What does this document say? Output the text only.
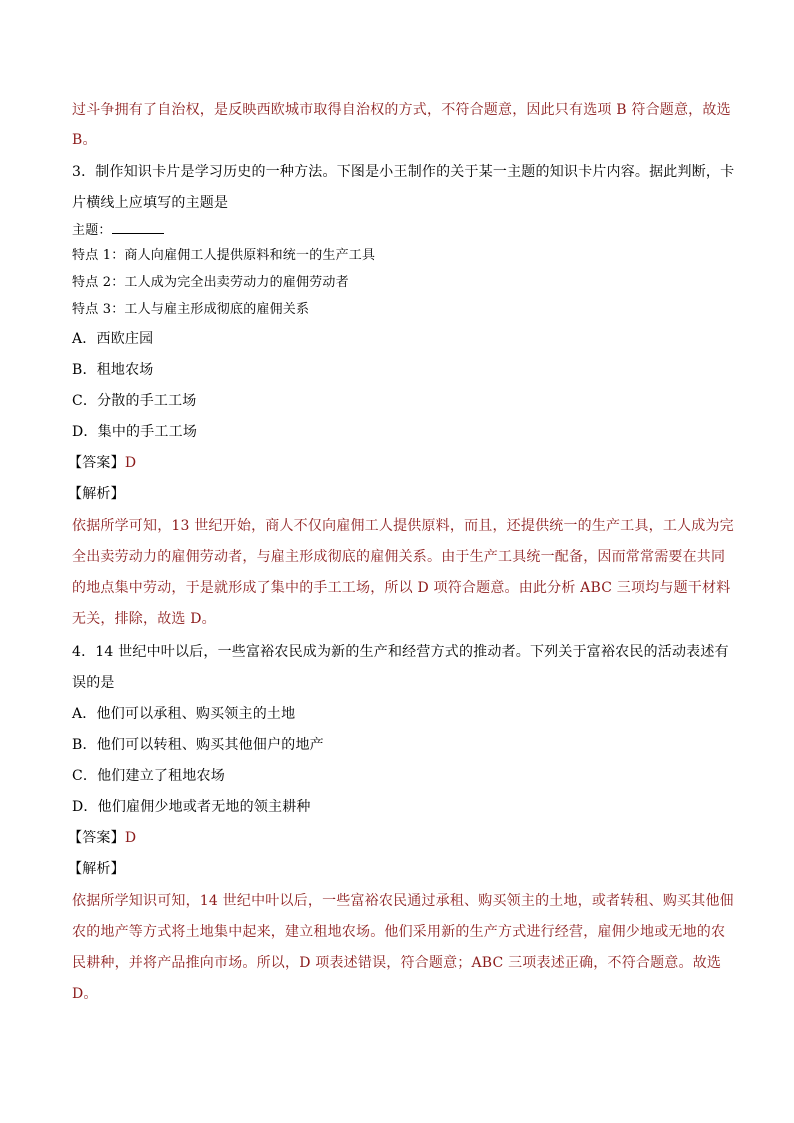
过斗争拥有了自治权，是反映西欧城市取得自治权的方式，不符合题意，因此只有选项 B 符合题意，故选
B。
3．制作知识卡片是学习历史的一种方法。下图是小王制作的关于某一主题的知识卡片内容。据此判断，卡
片横线上应填写的主题是
主题：
特点 1：商人向雇佣工人提供原料和统一的生产工具
特点 2：工人成为完全出卖劳动力的雇佣劳动者
特点 3：工人与雇主形成彻底的雇佣关系
A．西欧庄园
B．租地农场
C．分散的手工工场
D．集中的手工工场
【答案】D
【解析】
依据所学可知，13 世纪开始，商人不仅向雇佣工人提供原料，而且，还提供统一的生产工具，工人成为完
全出卖劳动力的雇佣劳动者，与雇主形成彻底的雇佣关系。由于生产工具统一配备，因而常常需要在共同
的地点集中劳动，于是就形成了集中的手工工场，所以 D 项符合题意。由此分析 ABC 三项均与题干材料
无关，排除，故选 D。
4．14 世纪中叶以后，一些富裕农民成为新的生产和经营方式的推动者。下列关于富裕农民的活动表述有
误的是
A．他们可以承租、购买领主的土地
B．他们可以转租、购买其他佃户的地产
C．他们建立了租地农场
D．他们雇佣少地或者无地的领主耕种
【答案】D
【解析】
依据所学知识可知，14 世纪中叶以后，一些富裕农民通过承租、购买领主的土地，或者转租、购买其他佃
农的地产等方式将土地集中起来，建立租地农场。他们采用新的生产方式进行经营，雇佣少地或无地的农
民耕种，并将产品推向市场。所以，D 项表述错误，符合题意；ABC 三项表述正确，不符合题意。故选
D。
